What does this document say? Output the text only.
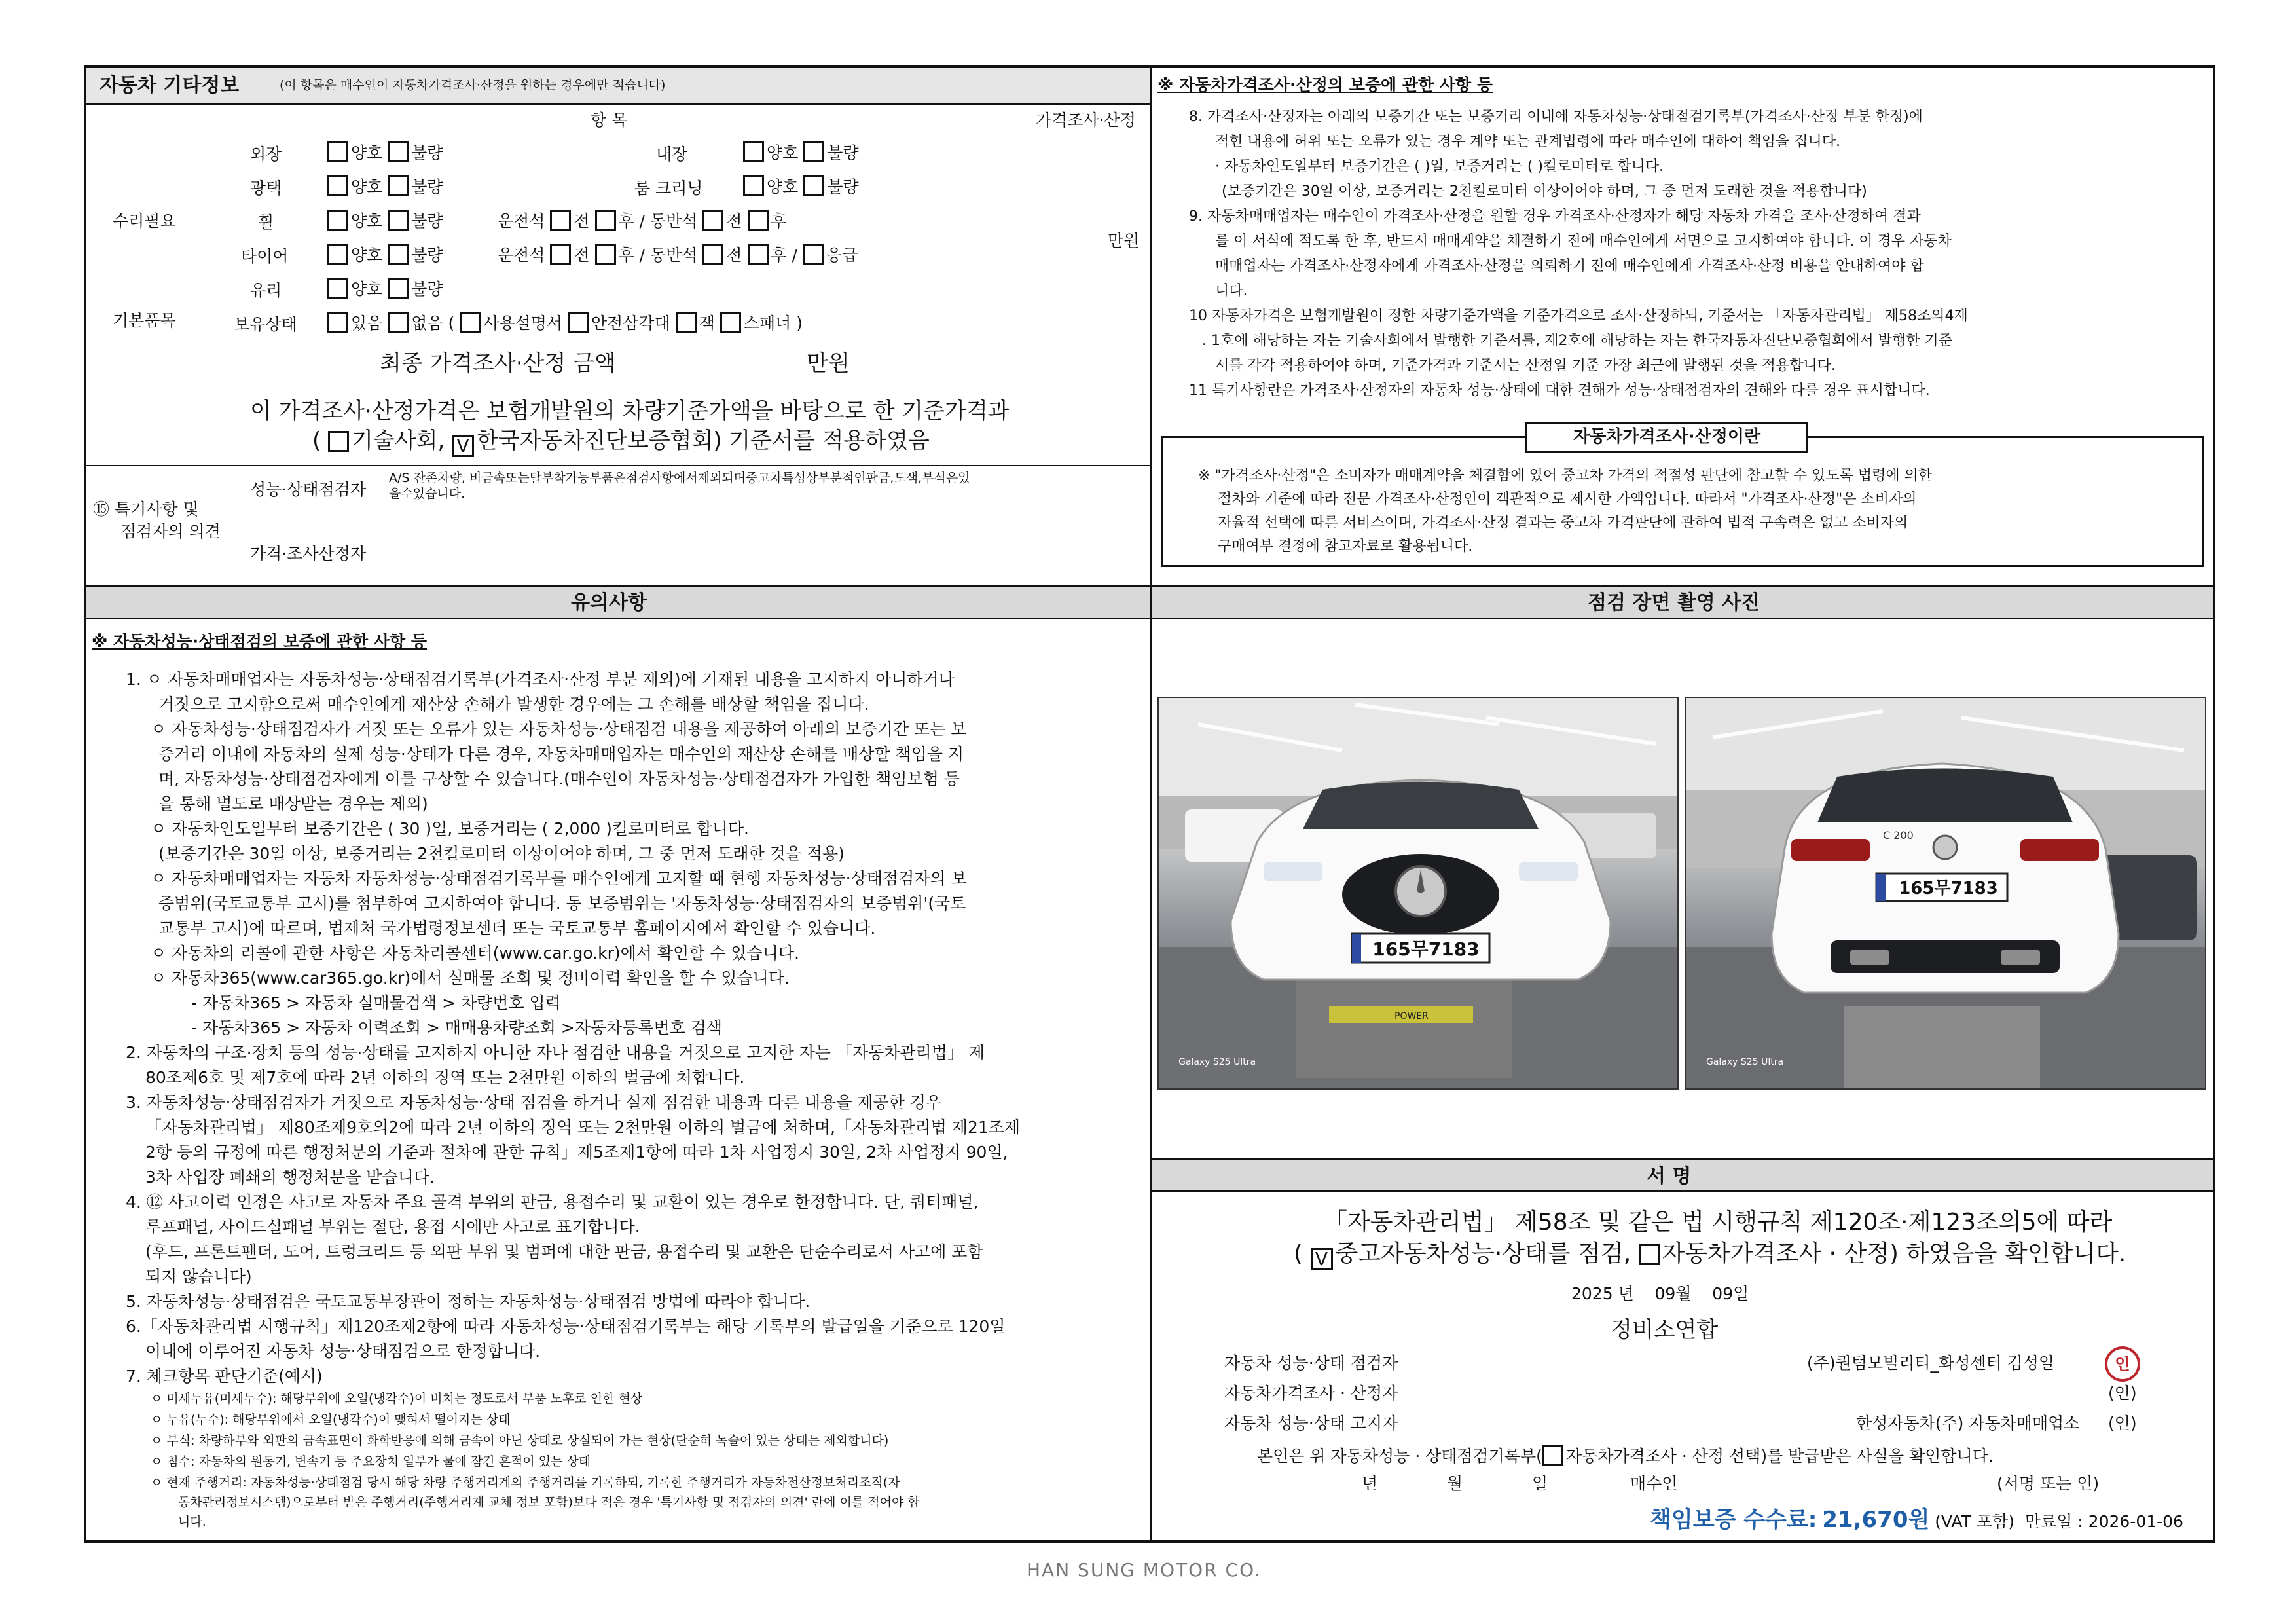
자동차 기타정보	(이 항목은 매수인이 자동차가격조사·산정을 원하는 경우에만 적습니다)
항 목	가격조사·산정
수리필요
기본품목
만원
외장	양호 불량	내장	양호 불량
광택	양호 불량	룸 크리닝	양호 불량
휠	양호 불량	운전석 전 후 / 동반석 전 후
타이어	양호 불량	운전석 전 후 / 동반석 전 후 / 응급
유리	양호 불량
보유상태	있음 없음 ( 사용설명서 안전삼각대 잭 스패너 )
최종 가격조사·산정 금액	만원
이 가격조사·산정가격은 보험개발원의 차량기준가액을 바탕으로 한 기준가격과
( 기술사회, V 한국자동차진단보증협회) 기준서를 적용하였음
⑮ 특기사항 및
점검자의 의견
성능·상태점검자
A/S 잔존차량, 비금속또는탈부착가능부품은점검사항에서제외되며중고차특성상부분적인판금,도색,부식은있
을수있습니다.
가격·조사산정자
※ 자동차가격조사·산정의 보증에 관한 사항 등
8. 가격조사·산정자는 아래의 보증기간 또는 보증거리 이내에 자동차성능·상태점검기록부(가격조사·산정 부분 한정)에
적힌 내용에 허위 또는 오류가 있는 경우 계약 또는 관계법령에 따라 매수인에 대하여 책임을 집니다.
· 자동차인도일부터 보증기간은 ( )일, 보증거리는 ( )킬로미터로 합니다.
(보증기간은 30일 이상, 보증거리는 2천킬로미터 이상이어야 하며, 그 중 먼저 도래한 것을 적용합니다)
9. 자동차매매업자는 매수인이 가격조사·산정을 원할 경우 가격조사·산정자가 해당 자동차 가격을 조사·산정하여 결과
를 이 서식에 적도록 한 후, 반드시 매매계약을 체결하기 전에 매수인에게 서면으로 고지하여야 합니다. 이 경우 자동차
매매업자는 가격조사·산정자에게 가격조사·산정을 의뢰하기 전에 매수인에게 가격조사·산정 비용을 안내하여야 합
니다.
10 자동차가격은 보험개발원이 정한 차량기준가액을 기준가격으로 조사·산정하되, 기준서는 「자동차관리법」 제58조의4제
. 1호에 해당하는 자는 기술사회에서 발행한 기준서를, 제2호에 해당하는 자는 한국자동차진단보증협회에서 발행한 기준
서를 각각 적용하여야 하며, 기준가격과 기준서는 산정일 기준 가장 최근에 발행된 것을 적용합니다.
11 특기사항란은 가격조사·산정자의 자동차 성능·상태에 대한 견해가 성능·상태점검자의 견해와 다를 경우 표시합니다.
자동차가격조사·산정이란
※ "가격조사·산정"은 소비자가 매매계약을 체결함에 있어 중고차 가격의 적절성 판단에 참고할 수 있도록 법령에 의한
절차와 기준에 따라 전문 가격조사·산정인이 객관적으로 제시한 가액입니다. 따라서 "가격조사·산정"은 소비자의
자율적 선택에 따른 서비스이며, 가격조사·산정 결과는 중고차 가격판단에 관하여 법적 구속력은 없고 소비자의
구매여부 결정에 참고자료로 활용됩니다.
유의사항
※ 자동차성능·상태점검의 보증에 관한 사항 등
1. ㅇ 자동차매매업자는 자동차성능·상태점검기록부(가격조사·산정 부분 제외)에 기재된 내용을 고지하지 아니하거나
거짓으로 고지함으로써 매수인에게 재산상 손해가 발생한 경우에는 그 손해를 배상할 책임을 집니다.
ㅇ 자동차성능·상태점검자가 거짓 또는 오류가 있는 자동차성능·상태점검 내용을 제공하여 아래의 보증기간 또는 보
증거리 이내에 자동차의 실제 성능·상태가 다른 경우, 자동차매매업자는 매수인의 재산상 손해를 배상할 책임을 지
며, 자동차성능·상태점검자에게 이를 구상할 수 있습니다.(매수인이 자동차성능·상태점검자가 가입한 책임보험 등
을 통해 별도로 배상받는 경우는 제외)
ㅇ 자동차인도일부터 보증기간은 ( 30 )일, 보증거리는 ( 2,000 )킬로미터로 합니다.
(보증기간은 30일 이상, 보증거리는 2천킬로미터 이상이어야 하며, 그 중 먼저 도래한 것을 적용)
ㅇ 자동차매매업자는 자동차 자동차성능·상태점검기록부를 매수인에게 고지할 때 현행 자동차성능·상태점검자의 보
증범위(국토교통부 고시)를 첨부하여 고지하여야 합니다. 동 보증범위는 '자동차성능·상태점검자의 보증범위'(국토
교통부 고시)에 따르며, 법제처 국가법령정보센터 또는 국토교통부 홈페이지에서 확인할 수 있습니다.
ㅇ 자동차의 리콜에 관한 사항은 자동차리콜센터(www.car.go.kr)에서 확인할 수 있습니다.
ㅇ 자동차365(www.car365.go.kr)에서 실매물 조회 및 정비이력 확인을 할 수 있습니다.
- 자동차365 > 자동차 실매물검색 > 차량번호 입력
- 자동차365 > 자동차 이력조회 > 매매용차량조회 >자동차등록번호 검색
2. 자동차의 구조·장치 등의 성능·상태를 고지하지 아니한 자나 점검한 내용을 거짓으로 고지한 자는 「자동차관리법」 제
80조제6호 및 제7호에 따라 2년 이하의 징역 또는 2천만원 이하의 벌금에 처합니다.
3. 자동차성능·상태점검자가 거짓으로 자동차성능·상태 점검을 하거나 실제 점검한 내용과 다른 내용을 제공한 경우
「자동차관리법」 제80조제9호의2에 따라 2년 이하의 징역 또는 2천만원 이하의 벌금에 처하며,「자동차관리법 제21조제
2항 등의 규정에 따른 행정처분의 기준과 절차에 관한 규칙」제5조제1항에 따라 1차 사업정지 30일, 2차 사업정지 90일,
3차 사업장 폐쇄의 행정처분을 받습니다.
4. ⑫ 사고이력 인정은 사고로 자동차 주요 골격 부위의 판금, 용접수리 및 교환이 있는 경우로 한정합니다. 단, 쿼터패널,
루프패널, 사이드실패널 부위는 절단, 용접 시에만 사고로 표기합니다.
(후드, 프론트펜더, 도어, 트렁크리드 등 외판 부위 및 범퍼에 대한 판금, 용접수리 및 교환은 단순수리로서 사고에 포함
되지 않습니다)
5. 자동차성능·상태점검은 국토교통부장관이 정하는 자동차성능·상태점검 방법에 따라야 합니다.
6.「자동차관리법 시행규칙」제120조제2항에 따라 자동차성능·상태점검기록부는 해당 기록부의 발급일을 기준으로 120일
이내에 이루어진 자동차 성능·상태점검으로 한정합니다.
7. 체크항목 판단기준(예시)
ㅇ 미세누유(미세누수): 해당부위에 오일(냉각수)이 비치는 정도로서 부품 노후로 인한 현상
ㅇ 누유(누수): 해당부위에서 오일(냉각수)이 맺혀서 떨어지는 상태
ㅇ 부식: 차량하부와 외판의 금속표면이 화학반응에 의해 금속이 아닌 상태로 상실되어 가는 현상(단순히 녹슬어 있는 상태는 제외합니다)
ㅇ 침수: 자동차의 원동기, 변속기 등 주요장치 일부가 물에 잠긴 흔적이 있는 상태
ㅇ 현재 주행거리: 자동차성능·상태점검 당시 해당 차량 주행거리계의 주행거리를 기록하되, 기록한 주행거리가 자동차전산정보처리조직(자
동차관리정보시스템)으로부터 받은 주행거리(주행거리계 교체 정보 포함)보다 적은 경우 '특기사항 및 점검자의 의견' 란에 이를 적어야 합
니다.
점검 장면 촬영 사진
165무7183
POWER
Galaxy S25 Ultra
C 200
165무7183
Galaxy S25 Ultra
서 명
「자동차관리법」 제58조 및 같은 법 시행규칙 제120조·제123조의5에 따라
( V 중고자동차성능·상태를 점검, 자동차가격조사 · 산정) 하였음을 확인합니다.
2025 년 09월 09일
정비소연합
자동차 성능·상태 점검자	(주)퀀텀모빌리티_화성센터 김성일	인
자동차가격조사 · 산정자	(인)
자동차 성능·상태 고지자	한성자동차(주) 자동차매매업소 (인)
본인은 위 자동차성능 · 상태점검기록부( 자동차가격조사 · 산정 선택)를 발급받은 사실을 확인합니다.
년	월	일	매수인	(서명 또는 인)
책임보증 수수료: 21,670원 (VAT 포함) 만료일 : 2026-01-06
HAN SUNG MOTOR CO.
